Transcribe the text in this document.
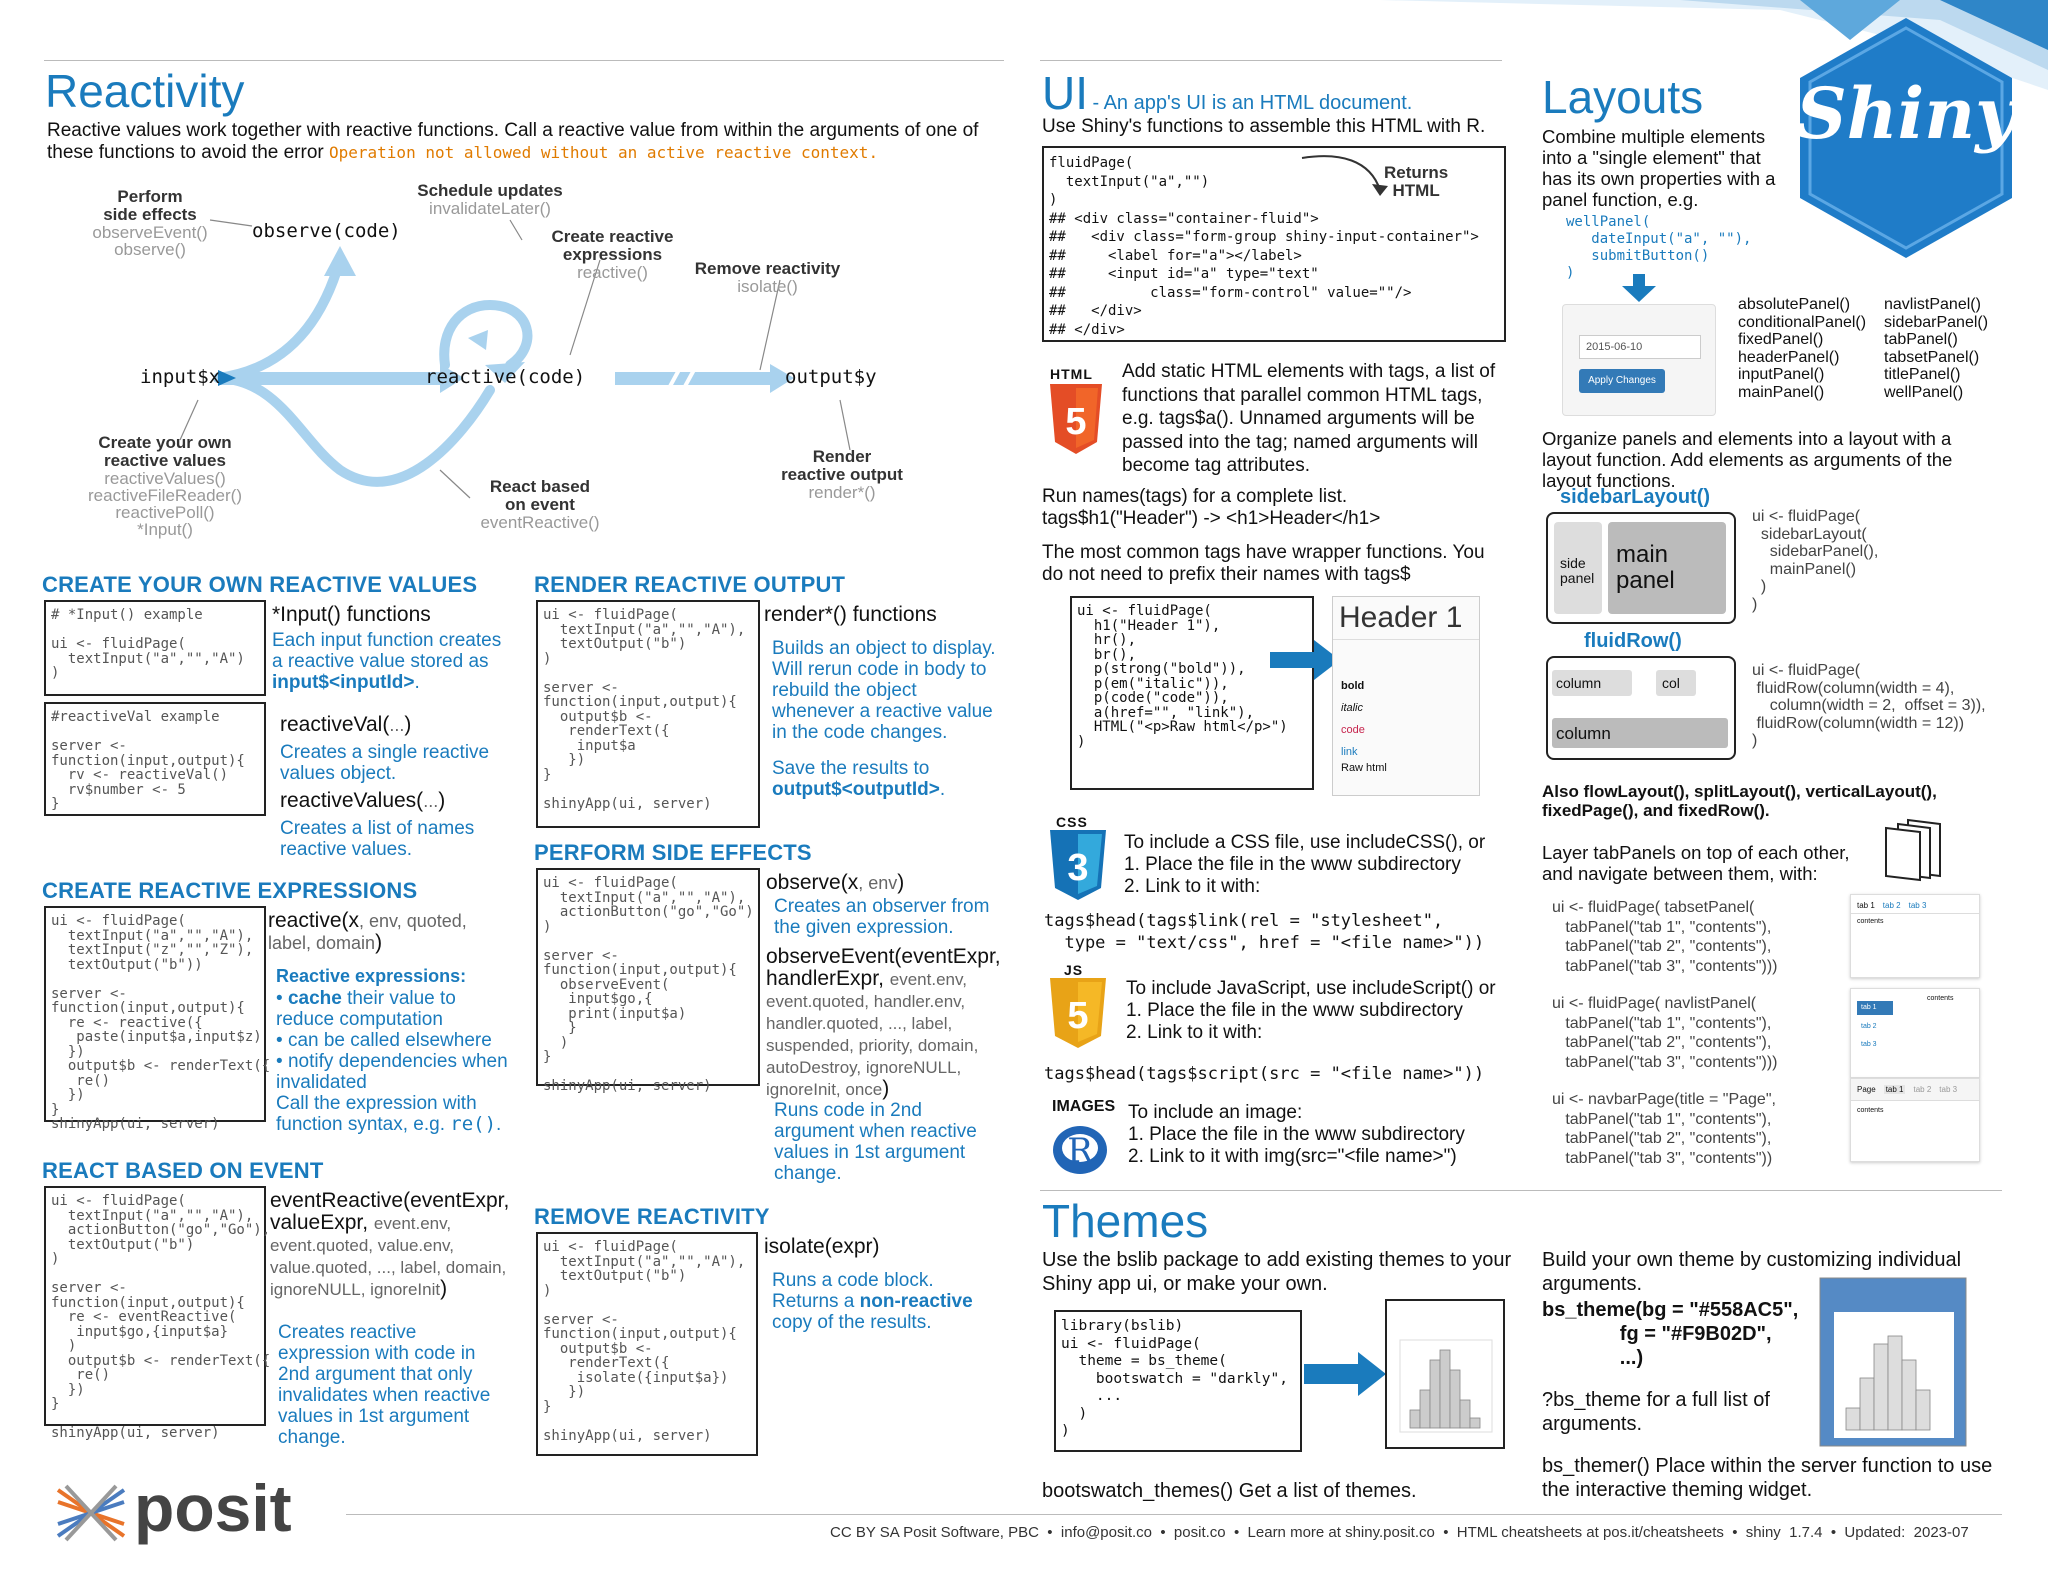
Reactivity
Reactive values work together with reactive functions. Call a reactive value from within the arguments of one of these functions to avoid the error Operation not allowed without an active reactive context.
input$x	reactive(code)	output$y
observe(code)
Perform
side effects
observeEvent()
observe()
Schedule updates
invalidateLater()
Create reactive
expressions
reactive()	Remove reactivity
isolate()
Create your own
reactive values
reactiveValues()
reactiveFileReader()
reactivePoll()
*Input()
React based
on event
eventReactive()
Render
reactive output
render*()
CREATE YOUR OWN REACTIVE VALUES
# *Input() example

ui <- fluidPage(
textInput("a","","A")
)
*Input() functions
Each input function creates a reactive value stored as input$<inputId>.
#reactiveVal example

server <-
function(input,output){
rv <- reactiveVal()
rv$number <- 5
}
reactiveVal(...)
Creates a single reactive values object.
reactiveValues(...)
Creates a list of names reactive values.
RENDER REACTIVE OUTPUT
ui <- fluidPage(
textInput("a","","A"),
textOutput("b")
)

server <-
function(input,output){
output$b <-
renderText({
input$a
})
}

shinyApp(ui, server)
render*() functions
Builds an object to display. Will rerun code in body to rebuild the object whenever a reactive value in the code changes.
Save the results to output$<outputId>.
CREATE REACTIVE EXPRESSIONS
ui <- fluidPage(
textInput("a","","A"),
textInput("z","","Z"),
textOutput("b"))

server <-
function(input,output){
re <- reactive({
paste(input$a,input$z)
})
output$b <- renderText({
re()
})
}
shinyApp(ui, server)
reactive(x, env, quoted, label, domain)
Reactive expressions:
• cache their value to reduce computation
• can be called elsewhere
• notify dependencies when invalidated
Call the expression with function syntax, e.g. re().
PERFORM SIDE EFFECTS
ui <- fluidPage(
textInput("a","","A"),
actionButton("go","Go")
)

server <-
function(input,output){
observeEvent(
input$go,{
print(input$a)
}
)
}

shinyApp(ui, server)
observe(x, env)
Creates an observer from the given expression.
observeEvent(eventExpr, handlerExpr, event.env, event.quoted, handler.env, handler.quoted, ..., label, suspended, priority, domain, autoDestroy, ignoreNULL, ignoreInit, once)
Runs code in 2nd argument when reactive values in 1st argument change.
REACT BASED ON EVENT
ui <- fluidPage(
textInput("a","","A"),
actionButton("go","Go"),
textOutput("b")
)

server <-
function(input,output){
re <- eventReactive(
input$go,{input$a}
)
output$b <- renderText({
re()
})
}

shinyApp(ui, server)
eventReactive(eventExpr, valueExpr, event.env, event.quoted, value.env, value.quoted, ..., label, domain, ignoreNULL, ignoreInit)
Creates reactive expression with code in 2nd argument that only invalidates when reactive values in 1st argument change.
REMOVE REACTIVITY
ui <- fluidPage(
textInput("a","","A"),
textOutput("b")
)

server <-
function(input,output){
output$b <-
renderText({
isolate({input$a})
})
}

shinyApp(ui, server)
isolate(expr)
Runs a code block. Returns a non-reactive copy of the results.
posit
UI - An app's UI is an HTML document.
Use Shiny's functions to assemble this HTML with R.
fluidPage(
textInput("a","")
)
## <div class="container-fluid">
##   <div class="form-group shiny-input-container">
##     <label for="a"></label>
##     <input id="a" type="text"
##          class="form-control" value=""/>
##   </div>
## </div>
Returns
HTML
HTML
5
Add static HTML elements with tags, a list of functions that parallel common HTML tags, e.g. tags$a(). Unnamed arguments will be passed into the tag; named arguments will become tag attributes.
Run names(tags) for a complete list.
tags$h1("Header") -> <h1>Header</h1>
The most common tags have wrapper functions. You do not need to prefix their names with tags$
ui <- fluidPage(
h1("Header 1"),
hr(),
br(),
p(strong("bold")),
p(em("italic")),
p(code("code")),
a(href="", "link"),
HTML("<p>Raw html</p>")
)
Header 1
bold
italic
code
link
Raw html
CSS
3
To include a CSS file, use includeCSS(), or
1. Place the file in the www subdirectory
2. Link to it with:
tags$head(tags$link(rel = "stylesheet",
type = "text/css", href = "<file name>"))
JS
5
To include JavaScript, use includeScript() or
1. Place the file in the www subdirectory
2. Link to it with:
tags$head(tags$script(src = "<file name>"))
IMAGES
R
To include an image:
1. Place the file in the www subdirectory
2. Link to it with img(src="<file name>")
Layouts Shiny
Combine multiple elements into a "single element" that has its own properties with a panel function, e.g.
wellPanel(
dateInput("a", ""),
submitButton()
)
2015-06-10
Apply Changes
absolutePanel()
conditionalPanel()
fixedPanel()
headerPanel()
inputPanel()
mainPanel()
navlistPanel()
sidebarPanel()
tabPanel()
tabsetPanel()
titlePanel()
wellPanel()
Organize panels and elements into a layout with a layout function. Add elements as arguments of the layout functions.
sidebarLayout()
side
panel
main
panel
ui <- fluidPage(
sidebarLayout(
sidebarPanel(),
mainPanel()
)
)
fluidRow()
column	col
column
ui <- fluidPage(
fluidRow(column(width = 4),
column(width = 2,  offset = 3)),
fluidRow(column(width = 12))
)
Also flowLayout(), splitLayout(), verticalLayout(), fixedPage(), and fixedRow().
Layer tabPanels on top of each other, and navigate between them, with:
ui <- fluidPage( tabsetPanel(
tabPanel("tab 1", "contents"),
tabPanel("tab 2", "contents"),
tabPanel("tab 3", "contents")))
tab 1 tab 2 tab 3
contents
ui <- fluidPage( navlistPanel(
tabPanel("tab 1", "contents"),
tabPanel("tab 2", "contents"),
tabPanel("tab 3", "contents")))
tab 1
tab 2
tab 3
contents
ui <- navbarPage(title = "Page",
tabPanel("tab 1", "contents"),
tabPanel("tab 2", "contents"),
tabPanel("tab 3", "contents"))
Page tab 1 tab 2 tab 3
contents
Themes
Use the bslib package to add existing themes to your Shiny app ui, or make your own.
library(bslib)
ui <- fluidPage(
theme = bs_theme(
bootswatch = "darkly",
...
)
)
bootswatch_themes() Get a list of themes.
Build your own theme by customizing individual arguments.
bs_theme(bg = "#558AC5",
fg = "#F9B02D",
...)
?bs_theme for a full list of arguments.
bs_themer() Place within the server function to use the interactive theming widget.
CC BY SA Posit Software, PBC  •  info@posit.co  •  posit.co  •  Learn more at shiny.posit.co  •  HTML cheatsheets at pos.it/cheatsheets  •  shiny  1.7.4  •  Updated:  2023-07
